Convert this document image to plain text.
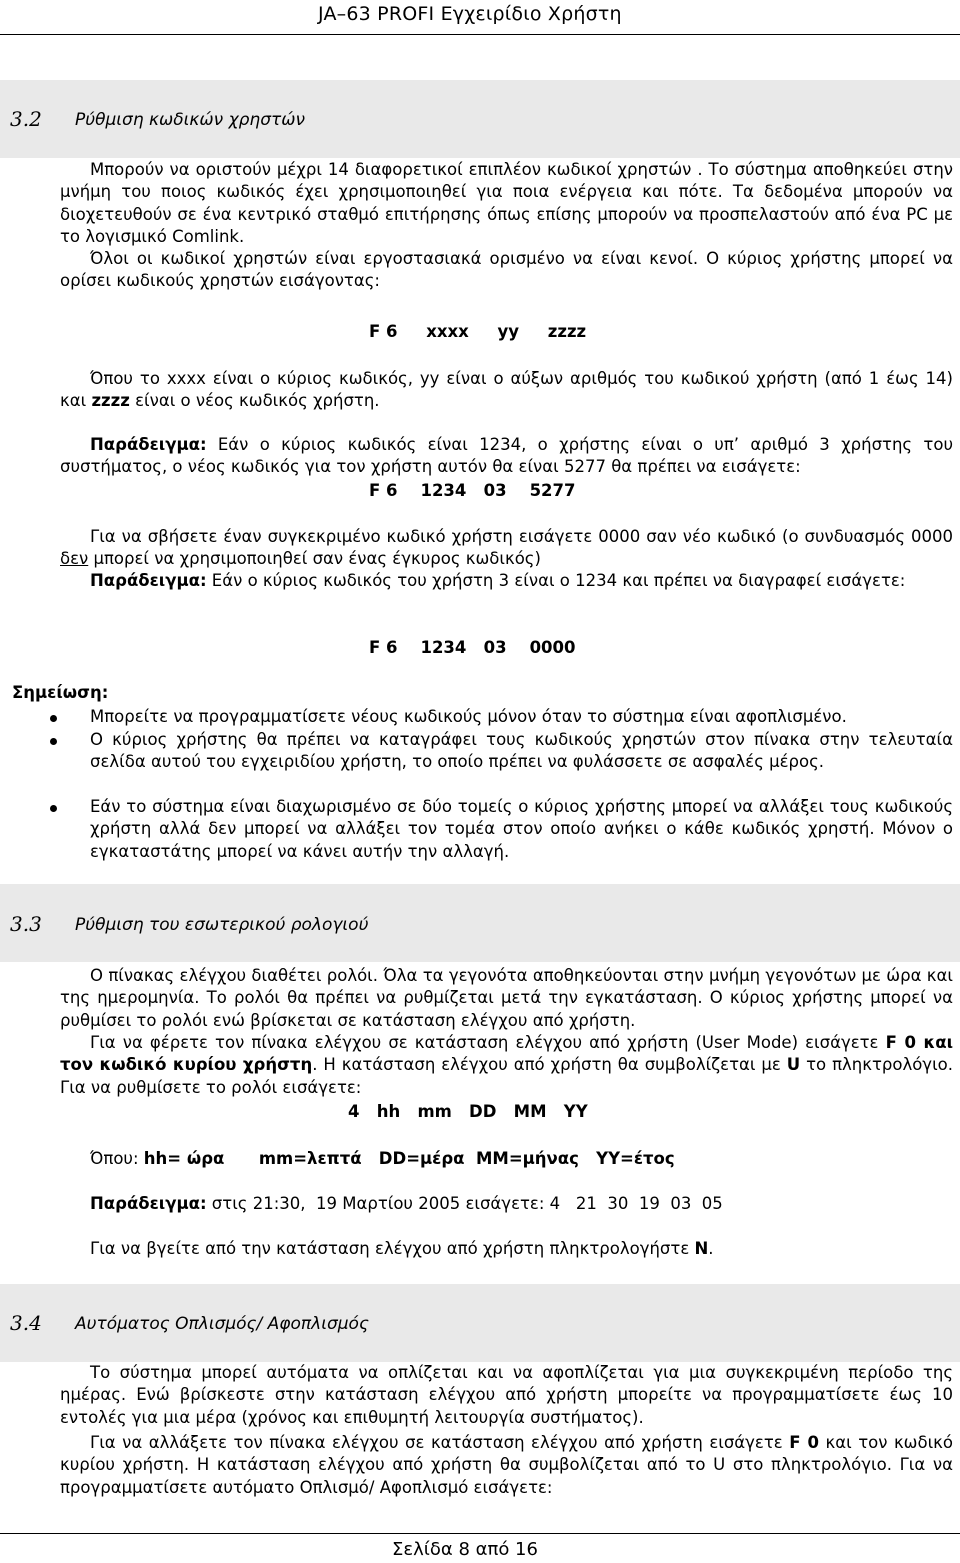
JA–63 PROFI Εγχειρίδιο Χρήστη
3.2 Ρύθμιση κωδικών χρηστών
Μπορούν να οριστούν μέχρι 14 διαφορετικοί επιπλέον κωδικοί χρηστών . Το σύστημα αποθηκεύει στην μνήμη του ποιος κωδικός έχει χρησιμοποιηθεί για ποια ενέργεια και πότε. Τα δεδομένα μπορούν να διοχετευθούν σε ένα κεντρικό σταθμό επιτήρησης όπως επίσης μπορούν να προσπελαστούν από ένα PC με το λογισμικό Comlink.
Όλοι οι κωδικοί χρηστών είναι εργοστασιακά ορισμένο να είναι κενοί. Ο κύριος χρήστης μπορεί να ορίσει κωδικούς χρηστών εισάγοντας:
F 6     xxxx     yy     zzzz
Όπου το xxxx είναι ο κύριος κωδικός, yy είναι ο αύξων αριθμός του κωδικού χρήστη (από 1 έως 14) και zzzz είναι ο νέος κωδικός χρήστη.
Παράδειγμα: Εάν ο κύριος κωδικός είναι 1234, ο χρήστης είναι ο υπ’ αριθμό 3 χρήστης του συστήματος, ο νέος κωδικός για τον χρήστη αυτόν θα είναι 5277 θα πρέπει να εισάγετε:
F 6    1234   03    5277
Για να σβήσετε έναν συγκεκριμένο κωδικό χρήστη εισάγετε 0000 σαν νέο κωδικό (ο συνδυασμός 0000 δεν μπορεί να χρησιμοποιηθεί σαν ένας έγκυρος κωδικός)
Παράδειγμα: Εάν ο κύριος κωδικός του χρήστη 3 είναι ο 1234 και πρέπει να διαγραφεί εισάγετε:
F 6    1234   03    0000
Σημείωση:
Μπορείτε να προγραμματίσετε νέους κωδικούς μόνον όταν το σύστημα είναι αφοπλισμένο.
Ο κύριος χρήστης θα πρέπει να καταγράφει τους κωδικούς χρηστών στον πίνακα στην τελευταία σελίδα αυτού του εγχειριδίου χρήστη, το οποίο πρέπει να φυλάσσετε σε ασφαλές μέρος.
Εάν το σύστημα είναι διαχωρισμένο σε δύο τομείς ο κύριος χρήστης μπορεί να αλλάξει τους κωδικούς χρήστη αλλά δεν μπορεί να αλλάξει τον τομέα στον οποίο ανήκει ο κάθε κωδικός χρηστή. Μόνον ο εγκαταστάτης μπορεί να κάνει αυτήν την αλλαγή.
3.3 Ρύθμιση του εσωτερικού ρολογιού
Ο πίνακας ελέγχου διαθέτει ρολόι. Όλα τα γεγονότα αποθηκεύονται στην μνήμη γεγονότων με ώρα και της ημερομηνία. Το ρολόι θα πρέπει να ρυθμίζεται μετά την εγκατάσταση. Ο κύριος χρήστης μπορεί να ρυθμίσει το ρολόι ενώ βρίσκεται σε κατάσταση ελέγχου από χρήστη.
Για να φέρετε τον πίνακα ελέγχου σε κατάσταση ελέγχου από χρήστη (User Mode) εισάγετε F 0 και τον κωδικό κυρίου χρήστη. Η κατάσταση ελέγχου από χρήστη θα συμβολίζεται με U το πληκτρολόγιο. Για να ρυθμίσετε το ρολόι εισάγετε:
4   hh   mm   DD   MM   YY
Όπου: hh= ώρα      mm=λεπτά   DD=μέρα  MM=μήνας   YY=έτος
Παράδειγμα: στις 21:30,  19 Μαρτίου 2005 εισάγετε: 4   21  30  19  03  05
Για να βγείτε από την κατάσταση ελέγχου από χρήστη πληκτρολογήστε N.
3.4 Αυτόματος Οπλισμός/ Αφοπλισμός
Το σύστημα μπορεί αυτόματα να οπλίζεται και να αφοπλίζεται για μια συγκεκριμένη περίοδο της ημέρας. Ενώ βρίσκεστε στην κατάσταση ελέγχου από χρήστη μπορείτε να προγραμματίσετε έως 10 εντολές για μια μέρα (χρόνος και επιθυμητή λειτουργία συστήματος).
Για να αλλάξετε τον πίνακα ελέγχου σε κατάσταση ελέγχου από χρήστη εισάγετε F 0 και τον κωδικό κυρίου χρήστη. Η κατάσταση ελέγχου από χρήστη θα συμβολίζεται από το U στο πληκτρολόγιο. Για να προγραμματίσετε αυτόματο Οπλισμό/ Αφοπλισμό εισάγετε:
Σελίδα 8 από 16
